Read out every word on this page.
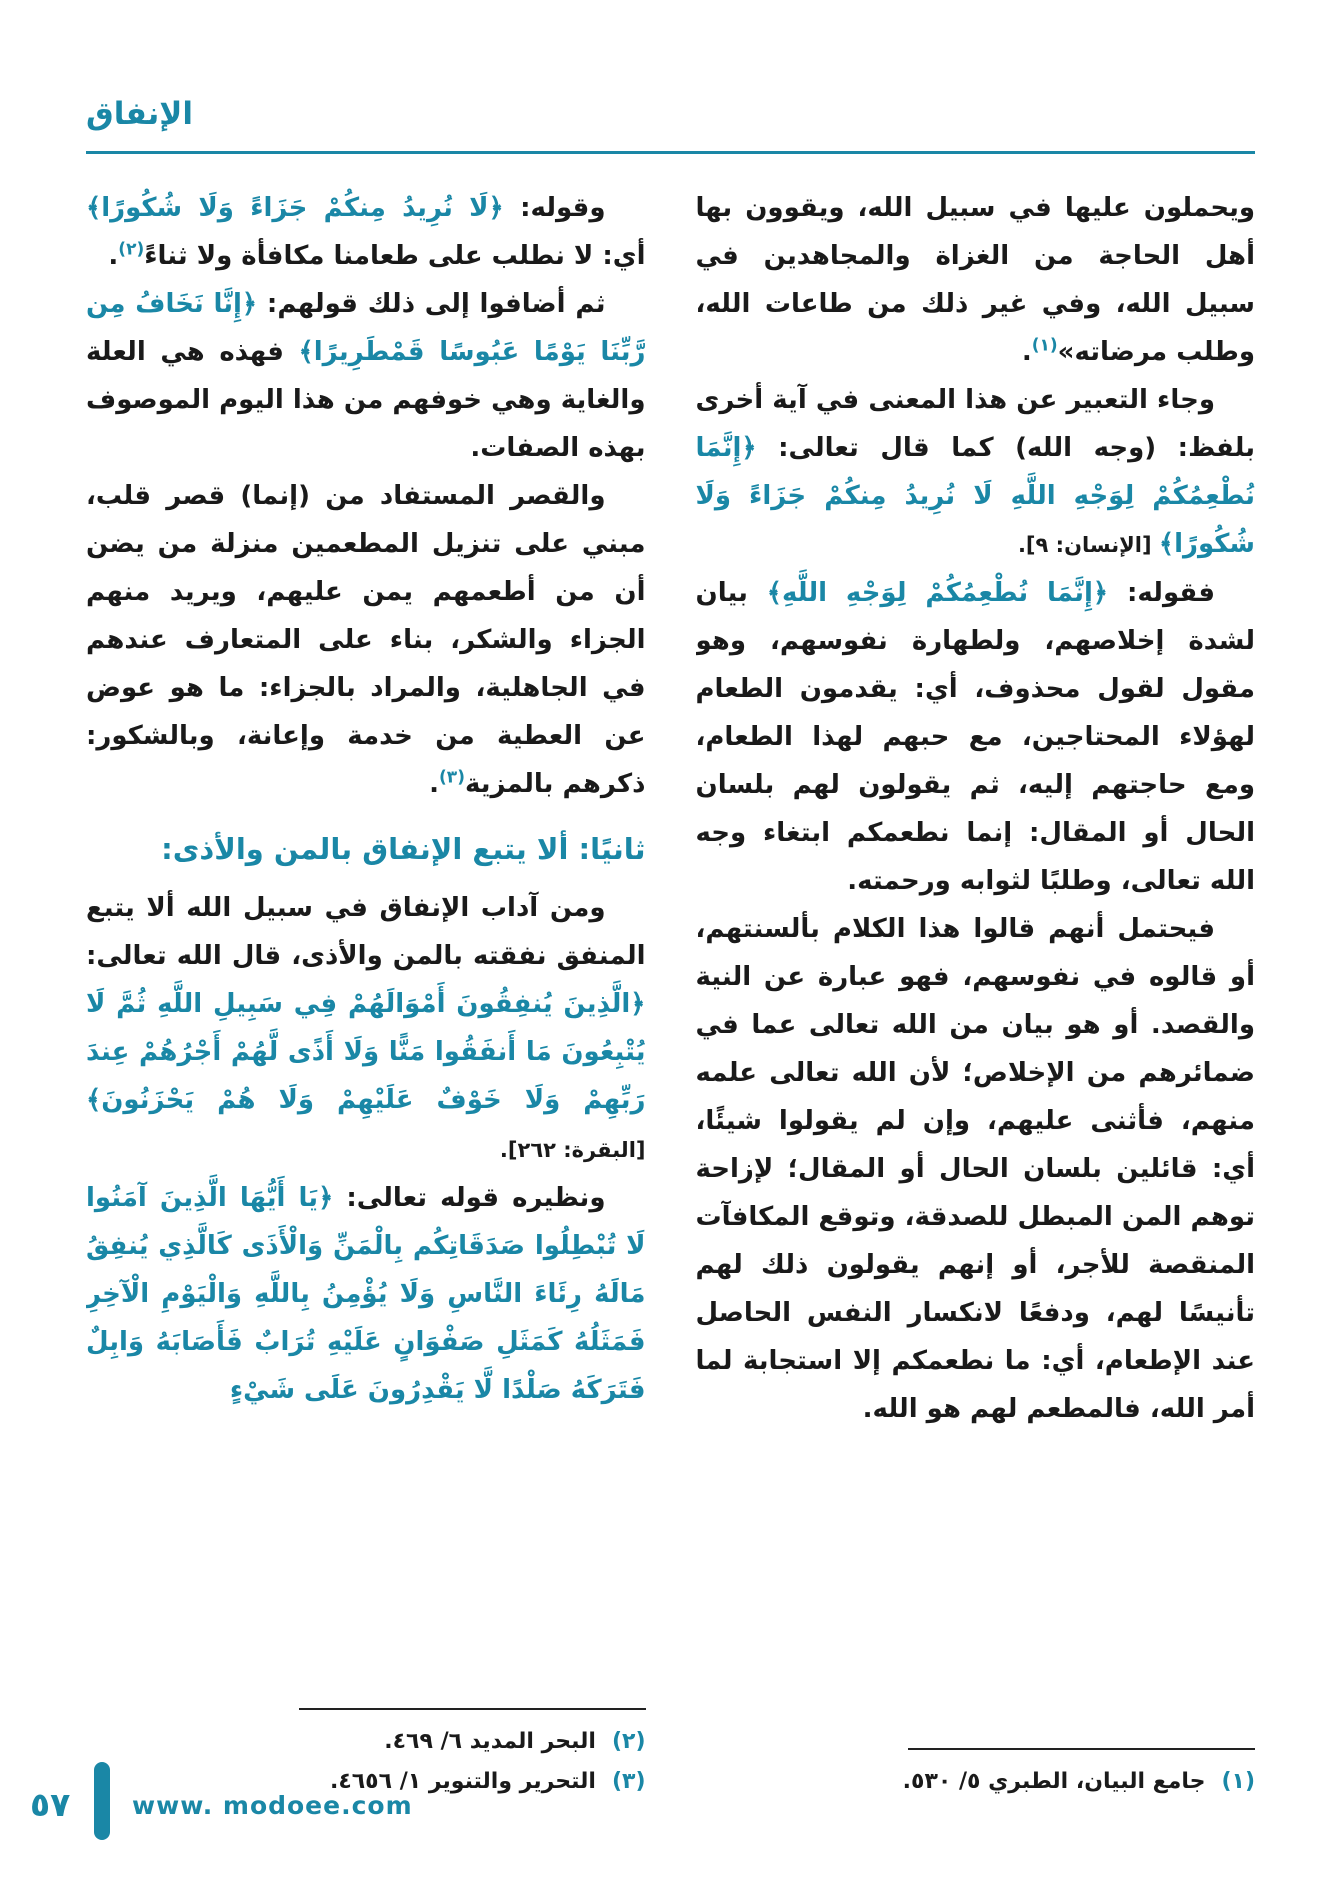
الإنفاق
ويحملون عليها في سبيل الله، ويقوون بها أهل الحاجة من الغزاة والمجاهدين في سبيل الله، وفي غير ذلك من طاعات الله، وطلب مرضاته»$^{(١)}$.
وجاء التعبير عن هذا المعنى في آية أخرى بلفظ: (وجه الله) كما قال تعالى: ﴿إِنَّمَا نُطْعِمُكُمْ لِوَجْهِ اللَّهِ لَا نُرِيدُ مِنكُمْ جَزَاءً وَلَا شُكُورًا﴾ [الإنسان: ٩].
فقوله: ﴿إِنَّمَا نُطْعِمُكُمْ لِوَجْهِ اللَّهِ﴾ بيان لشدة إخلاصهم، ولطهارة نفوسهم، وهو مقول لقول محذوف، أي: يقدمون الطعام لهؤلاء المحتاجين، مع حبهم لهذا الطعام، ومع حاجتهم إليه، ثم يقولون لهم بلسان الحال أو المقال: إنما نطعمكم ابتغاء وجه الله تعالى، وطلبًا لثوابه ورحمته.
فيحتمل أنهم قالوا هذا الكلام بألسنتهم، أو قالوه في نفوسهم، فهو عبارة عن النية والقصد. أو هو بيان من الله تعالى عما في ضمائرهم من الإخلاص؛ لأن الله تعالى علمه منهم، فأثنى عليهم، وإن لم يقولوا شيئًا، أي: قائلين بلسان الحال أو المقال؛ لإزاحة توهم المن المبطل للصدقة، وتوقع المكافآت المنقصة للأجر، أو إنهم يقولون ذلك لهم تأنيسًا لهم، ودفعًا لانكسار النفس الحاصل عند الإطعام، أي: ما نطعمكم إلا استجابة لما أمر الله، فالمطعم لهم هو الله.
(١)جامع البيان، الطبري ٥/ ٥٣٠.
وقوله: ﴿لَا نُرِيدُ مِنكُمْ جَزَاءً وَلَا شُكُورًا﴾ أي: لا نطلب على طعامنا مكافأة ولا ثناءً$^{(٢)}$.
ثم أضافوا إلى ذلك قولهم: ﴿إِنَّا نَخَافُ مِن رَّبِّنَا يَوْمًا عَبُوسًا قَمْطَرِيرًا﴾ فهذه هي العلة والغاية وهي خوفهم من هذا اليوم الموصوف بهذه الصفات.
والقصر المستفاد من (إنما) قصر قلب، مبني على تنزيل المطعمين منزلة من يضن أن من أطعمهم يمن عليهم، ويريد منهم الجزاء والشكر، بناء على المتعارف عندهم في الجاهلية، والمراد بالجزاء: ما هو عوض عن العطية من خدمة وإعانة، وبالشكور: ذكرهم بالمزية$^{(٣)}$.
ثانيًا: ألا يتبع الإنفاق بالمن والأذى:
ومن آداب الإنفاق في سبيل الله ألا يتبع المنفق نفقته بالمن والأذى، قال الله تعالى: ﴿الَّذِينَ يُنفِقُونَ أَمْوَالَهُمْ فِي سَبِيلِ اللَّهِ ثُمَّ لَا يُتْبِعُونَ مَا أَنفَقُوا مَنًّا وَلَا أَذًى لَّهُمْ أَجْرُهُمْ عِندَ رَبِّهِمْ وَلَا خَوْفٌ عَلَيْهِمْ وَلَا هُمْ يَحْزَنُونَ﴾ [البقرة: ٢٦٢].
ونظيره قوله تعالى: ﴿يَا أَيُّهَا الَّذِينَ آمَنُوا لَا تُبْطِلُوا صَدَقَاتِكُم بِالْمَنِّ وَالْأَذَى كَالَّذِي يُنفِقُ مَالَهُ رِئَاءَ النَّاسِ وَلَا يُؤْمِنُ بِاللَّهِ وَالْيَوْمِ الْآخِرِ فَمَثَلُهُ كَمَثَلِ صَفْوَانٍ عَلَيْهِ تُرَابٌ فَأَصَابَهُ وَابِلٌ فَتَرَكَهُ صَلْدًا لَّا يَقْدِرُونَ عَلَى شَيْءٍ
(٢)البحر المديد ٦/ ٤٦٩.
(٣)التحرير والتنوير ١/ ٤٦٥٦.
٥٧ www. modoee.com
